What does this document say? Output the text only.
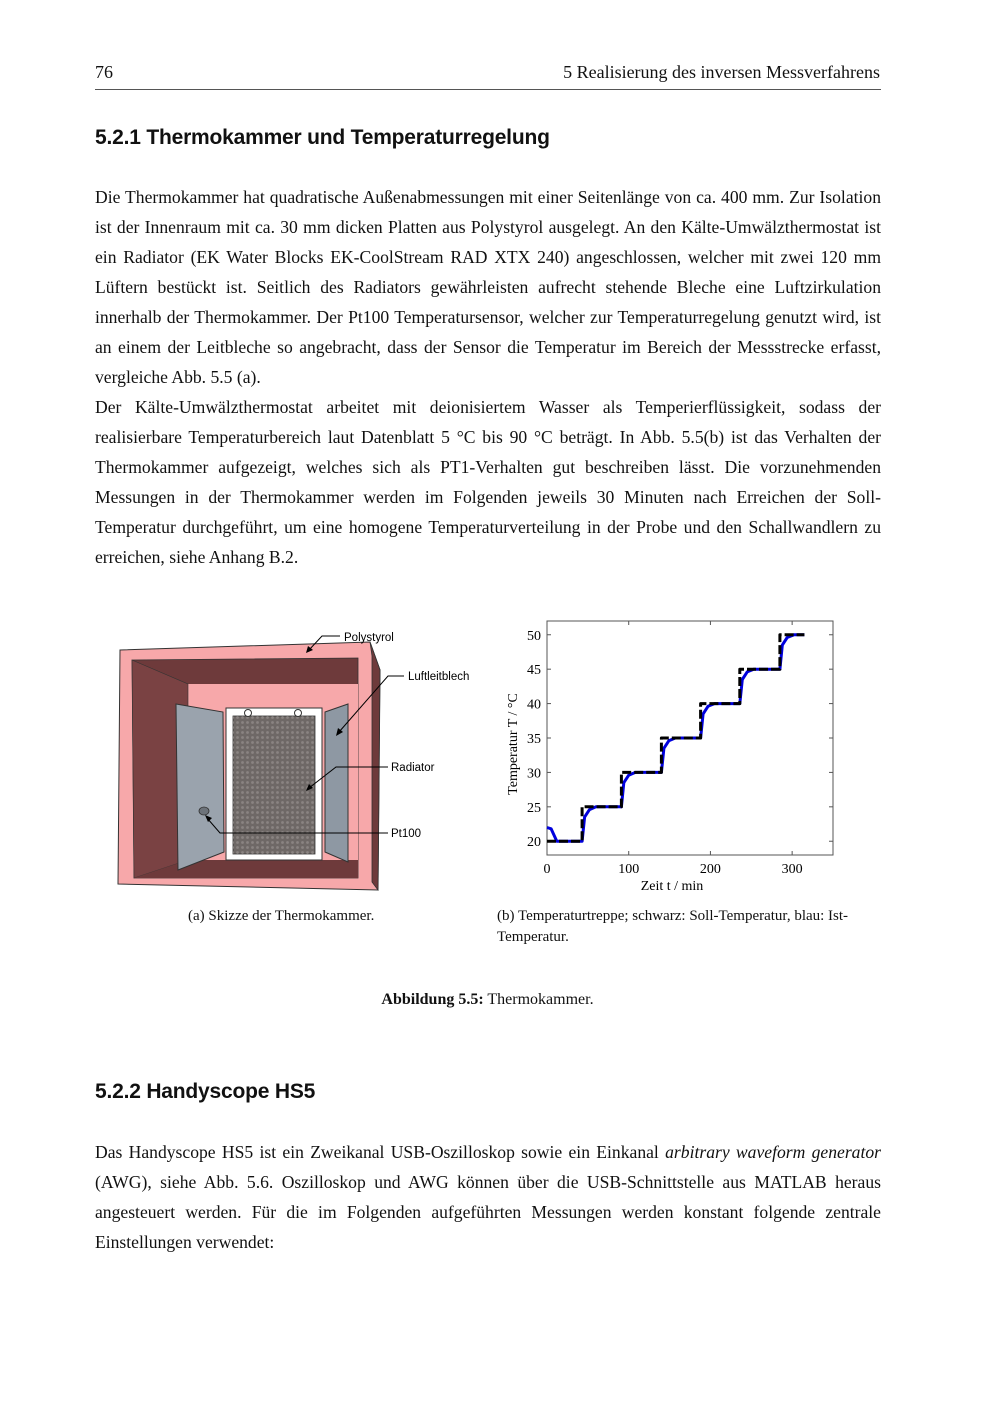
76	5 Realisierung des inversen Messverfahrens
5.2.1 Thermokammer und Temperaturregelung

Die Thermokammer hat quadratische Außenabmessungen mit einer Seitenlänge von ca. 400 mm. Zur Isolation ist der Innenraum mit ca. 30 mm dicken Platten aus Polystyrol ausgelegt. An den Kälte-Umwälzthermostat ist ein Radiator (EK Water Blocks EK-CoolStream RAD XTX 240) angeschlossen, welcher mit zwei 120 mm Lüftern bestückt ist. Seitlich des Radiators gewährleisten aufrecht stehende Bleche eine Luftzirkulation innerhalb der Thermokammer. Der Pt100 Temperatursensor, welcher zur Temperaturregelung genutzt wird, ist an einem der Leitbleche so angebracht, dass der Sensor die Temperatur im Bereich der Messstrecke erfasst, vergleiche Abb. 5.5 (a).

Der Kälte-Umwälzthermostat arbeitet mit deionisiertem Wasser als Temperierflüssigkeit, sodass der realisierbare Temperaturbereich laut Datenblatt 5 °C bis 90 °C beträgt. In Abb. 5.5(b) ist das Verhalten der Thermokammer aufgezeigt, welches sich als PT1-Verhalten gut beschreiben lässt. Die vorzunehmenden Messungen in der Thermokammer werden im Folgenden jeweils 30 Minuten nach Erreichen der Soll-Temperatur durchgeführt, um eine homogene Temperaturverteilung in der Probe und den Schallwandlern zu erreichen, siehe Anhang B.2.

Polystyrol
Luftleitblech
Radiator
Pt100
0	100	200	300
20
25
30
35
40
45
50
Zeit t / min
Temperatur T / °C
(a) Skizze der Thermokammer.	(b) Temperaturtreppe; schwarz: Soll-Temperatur, blau: Ist-Temperatur.
Abbildung 5.5: Thermokammer.
5.2.2 Handyscope HS5

Das Handyscope HS5 ist ein Zweikanal USB-Oszilloskop sowie ein Einkanal arbitrary waveform generator (AWG), siehe Abb. 5.6. Oszilloskop und AWG können über die USB-Schnittstelle aus MATLAB heraus angesteuert werden. Für die im Folgenden aufgeführten Messungen werden konstant folgende zentrale Einstellungen verwendet:
